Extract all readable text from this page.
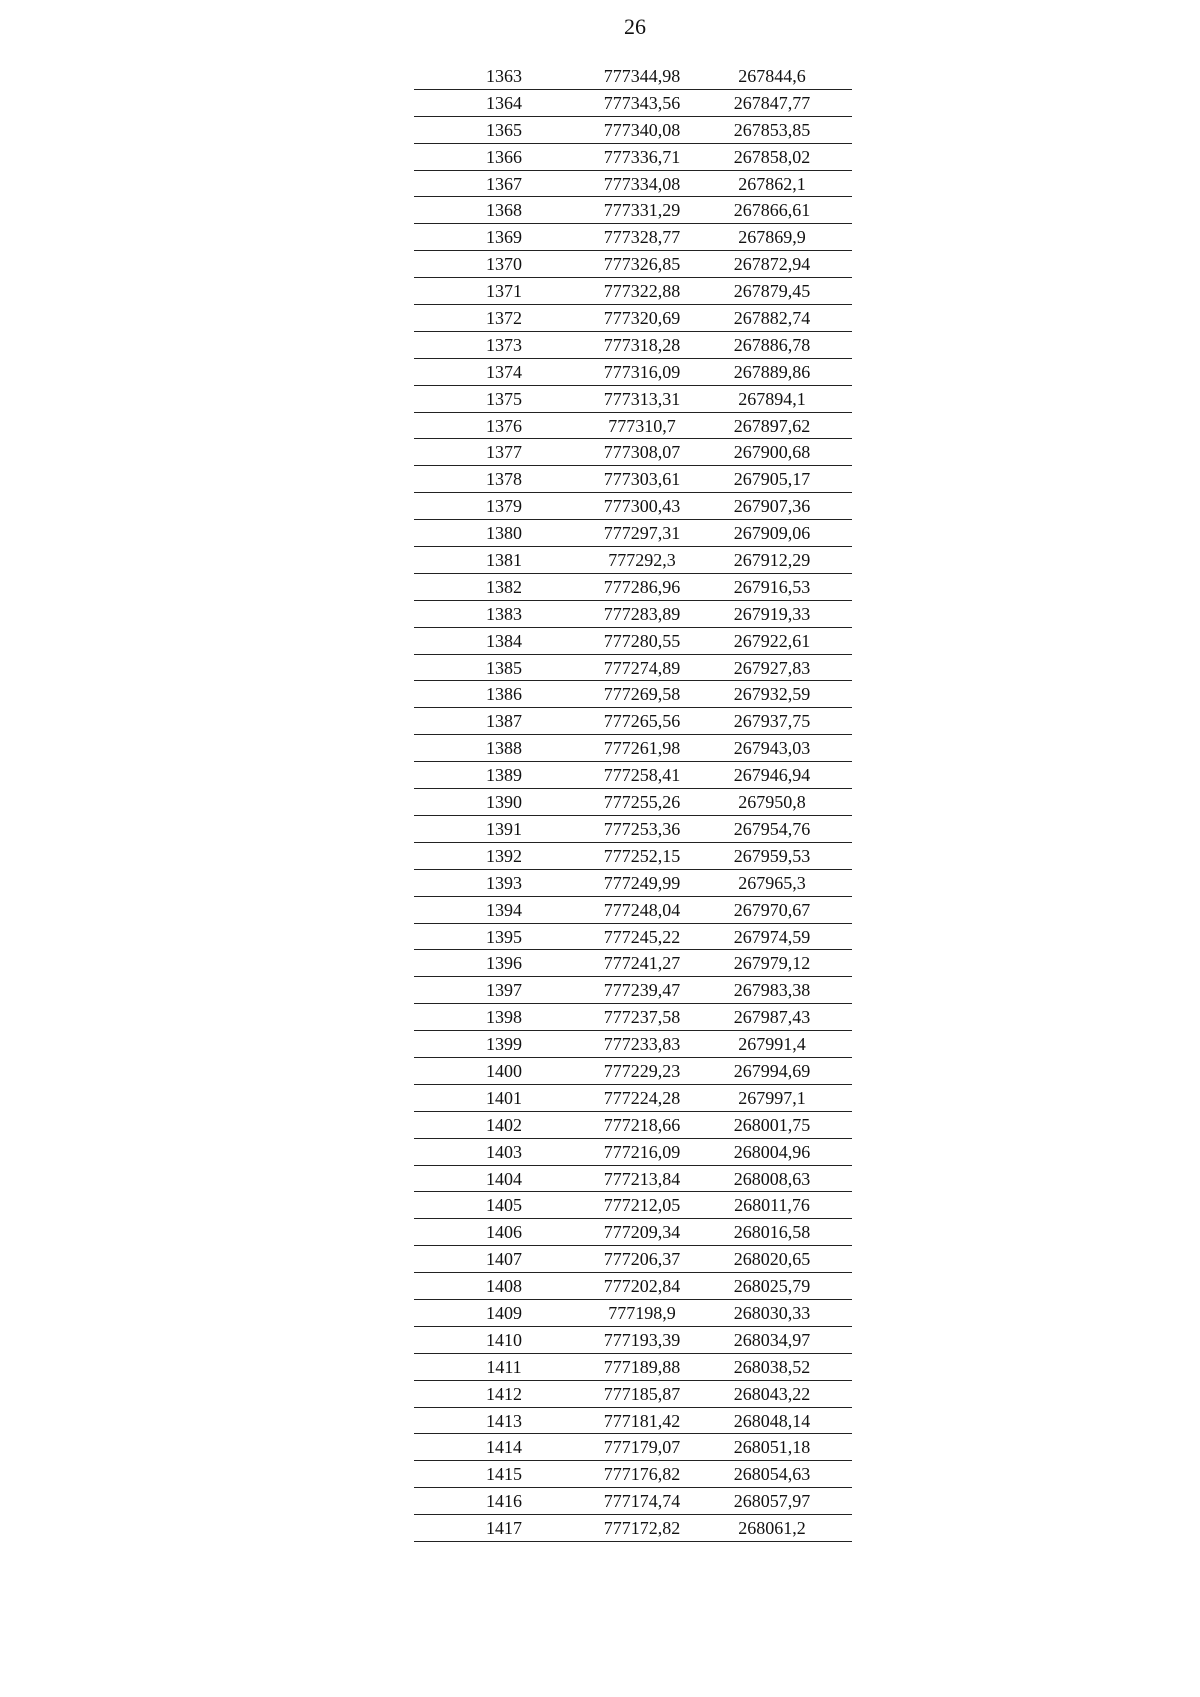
26
1363	777344,98	267844,6
1364	777343,56	267847,77
1365	777340,08	267853,85
1366	777336,71	267858,02
1367	777334,08	267862,1
1368	777331,29	267866,61
1369	777328,77	267869,9
1370	777326,85	267872,94
1371	777322,88	267879,45
1372	777320,69	267882,74
1373	777318,28	267886,78
1374	777316,09	267889,86
1375	777313,31	267894,1
1376	777310,7	267897,62
1377	777308,07	267900,68
1378	777303,61	267905,17
1379	777300,43	267907,36
1380	777297,31	267909,06
1381	777292,3	267912,29
1382	777286,96	267916,53
1383	777283,89	267919,33
1384	777280,55	267922,61
1385	777274,89	267927,83
1386	777269,58	267932,59
1387	777265,56	267937,75
1388	777261,98	267943,03
1389	777258,41	267946,94
1390	777255,26	267950,8
1391	777253,36	267954,76
1392	777252,15	267959,53
1393	777249,99	267965,3
1394	777248,04	267970,67
1395	777245,22	267974,59
1396	777241,27	267979,12
1397	777239,47	267983,38
1398	777237,58	267987,43
1399	777233,83	267991,4
1400	777229,23	267994,69
1401	777224,28	267997,1
1402	777218,66	268001,75
1403	777216,09	268004,96
1404	777213,84	268008,63
1405	777212,05	268011,76
1406	777209,34	268016,58
1407	777206,37	268020,65
1408	777202,84	268025,79
1409	777198,9	268030,33
1410	777193,39	268034,97
1411	777189,88	268038,52
1412	777185,87	268043,22
1413	777181,42	268048,14
1414	777179,07	268051,18
1415	777176,82	268054,63
1416	777174,74	268057,97
1417	777172,82	268061,2
